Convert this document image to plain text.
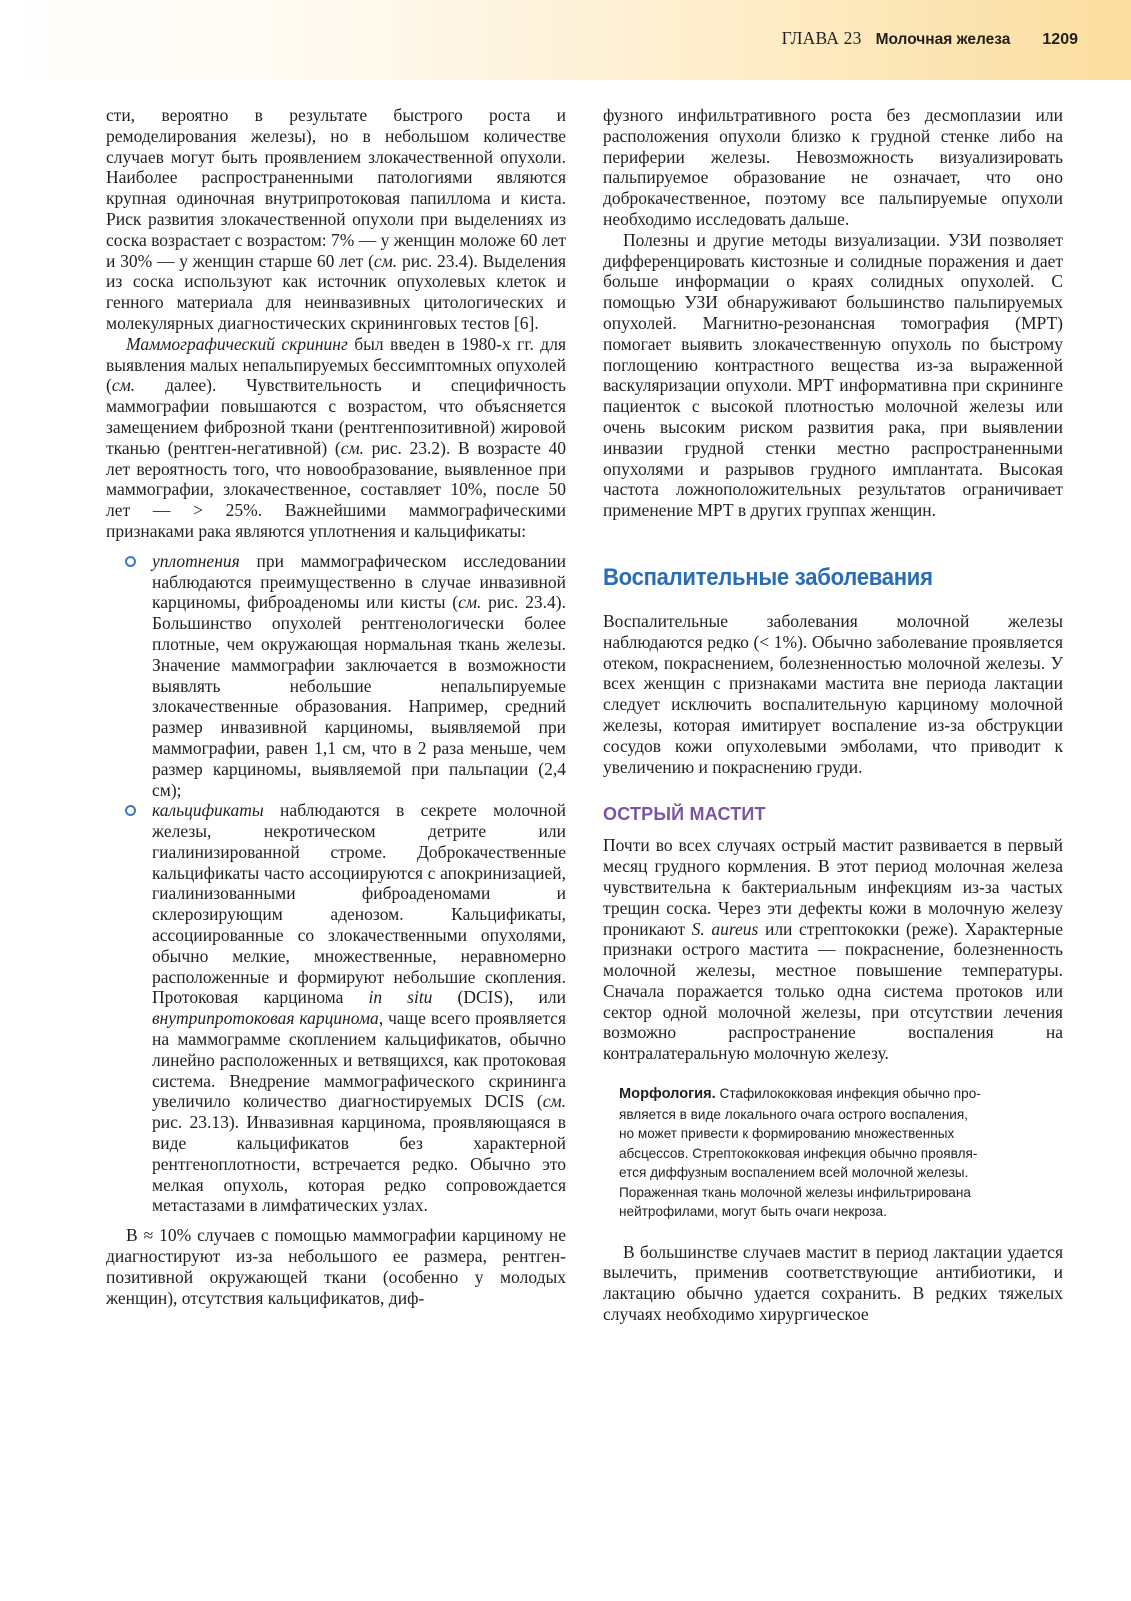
ГЛАВА 23 Молочная железа 1209

сти, вероятно в результате быстрого роста и ремоделирования железы), но в небольшом количестве случаев могут быть проявлением злокачественной опухоли. Наиболее распространенными патологиями являются крупная одиночная внутрипротоковая папиллома и киста. Риск развития злокачественной опухоли при выделениях из соска возрастает с возрастом: 7% — у женщин моложе 60 лет и 30% — у женщин старше 60 лет (см. рис. 23.4). Выделения из соска используют как источник опухолевых клеток и генного материала для неинвазивных цитологических и молекулярных диагностических скрининговых тестов [6].

Маммографический скрининг был введен в 1980-х гг. для выявления малых непальпируемых бессимптомных опухолей (см. далее). Чувствительность и специфичность маммографии повышаются с возрастом, что объясняется замещением фиброзной ткани (рентгенпозитивной) жировой тканью (рентген-негативной) (см. рис. 23.2). В возрасте 40 лет вероятность того, что новообразование, выявленное при маммографии, злокачественное, составляет 10%, после 50 лет — > 25%. Важнейшими маммографическими признаками рака являются уплотнения и кальцификаты:

уплотнения при маммографическом исследовании наблюдаются преимущественно в случае инвазивной карциномы, фиброаденомы или кисты (см. рис. 23.4). Большинство опухолей рентгенологически более плотные, чем окружающая нормальная ткань железы. Значение маммографии заключается в возможности выявлять небольшие непальпируемые злокачественные образования. Например, средний размер инвазивной карциномы, выявляемой при маммографии, равен 1,1 см, что в 2 раза меньше, чем размер карциномы, выявляемой при пальпации (2,4 см);
кальцификаты наблюдаются в секрете молочной железы, некротическом детрите или гиалинизированной строме. Доброкачественные кальцификаты часто ассоциируются с апокринизацией, гиалинизованными фиброаденомами и склерозирующим аденозом. Кальцификаты, ассоциированные со злокачественными опухолями, обычно мелкие, множественные, неравномерно расположенные и формируют небольшие скопления. Протоковая карцинома in situ (DCIS), или внутрипротоковая карцинома, чаще всего проявляется на маммограмме скоплением кальцификатов, обычно линейно расположенных и ветвящихся, как протоковая система. Внедрение маммографического скрининга увеличило количество диагностируемых DCIS (см. рис. 23.13). Инвазивная карцинома, проявляющаяся в виде кальцификатов без характерной рентгеноплотности, встречается редко. Обычно это мелкая опухоль, которая редко сопровождается метастазами в лимфатических узлах.

В ≈ 10% случаев с помощью маммографии карциному не диагностируют из-за небольшого ее размера, рентген-позитивной окружающей ткани (особенно у молодых женщин), отсутствия кальцификатов, диф-

фузного инфильтративного роста без десмоплазии или расположения опухоли близко к грудной стенке либо на периферии железы. Невозможность визуализировать пальпируемое образование не означает, что оно доброкачественное, поэтому все пальпируемые опухоли необходимо исследовать дальше.

Полезны и другие методы визуализации. УЗИ позволяет дифференцировать кистозные и солидные поражения и дает больше информации о краях солидных опухолей. С помощью УЗИ обнаруживают большинство пальпируемых опухолей. Магнитно-резонансная томография (МРТ) помогает выявить злокачественную опухоль по быстрому поглощению контрастного вещества из-за выраженной васкуляризации опухоли. МРТ информативна при скрининге пациенток с высокой плотностью молочной железы или очень высоким риском развития рака, при выявлении инвазии грудной стенки местно распространенными опухолями и разрывов грудного имплантата. Высокая частота ложноположительных результатов ограничивает применение МРТ в других группах женщин.

Воспалительные заболевания

Воспалительные заболевания молочной железы наблюдаются редко (< 1%). Обычно заболевание проявляется отеком, покраснением, болезненностью молочной железы. У всех женщин с признаками мастита вне периода лактации следует исключить воспалительную карциному молочной железы, которая имитирует воспаление из-за обструкции сосудов кожи опухолевыми эмболами, что приводит к увеличению и покраснению груди.

ОСТРЫЙ МАСТИТ

Почти во всех случаях острый мастит развивается в первый месяц грудного кормления. В этот период молочная железа чувствительна к бактериальным инфекциям из-за частых трещин соска. Через эти дефекты кожи в молочную железу проникают S. aureus или стрептококки (реже). Характерные признаки острого мастита — покраснение, болезненность молочной железы, местное повышение температуры. Сначала поражается только одна система протоков или сектор одной молочной железы, при отсутствии лечения возможно распространение воспаления на контралатеральную молочную железу.

Морфология. Стафилококковая инфекция обычно про-
является в виде локального очага острого воспаления,
но может привести к формированию множественных
абсцессов. Стрептококковая инфекция обычно проявля-
ется диффузным воспалением всей молочной железы.
Пораженная ткань молочной железы инфильтрирована
нейтрофилами, могут быть очаги некроза.

В большинстве случаев мастит в период лактации удается вылечить, применив соответствующие антибиотики, и лактацию обычно удается сохранить. В редких тяжелых случаях необходимо хирургическое
